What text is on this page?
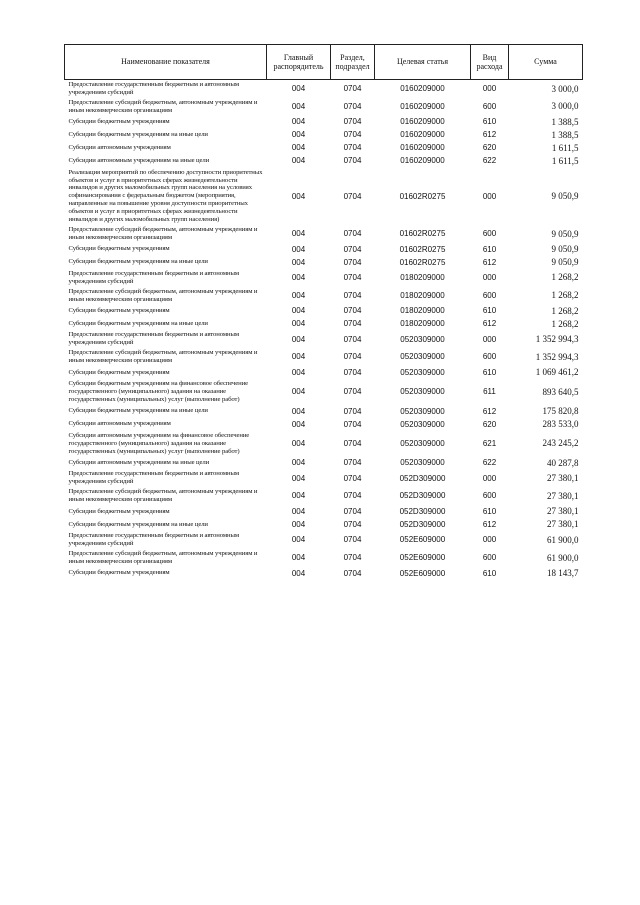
Наименование показателя	Главный распорядитель	Раздел, подраздел	Целевая статья	Вид расхода	Сумма
Предоставление государственным бюджетным и автономным учреждениям субсидий	004	0704	0160209000	000	3 000,0
Предоставление субсидий бюджетным, автономным учреждениям и иным некоммерческим организациям	004	0704	0160209000	600	3 000,0
Субсидии бюджетным учреждениям	004	0704	0160209000	610	1 388,5
Субсидии бюджетным учреждениям на иные цели	004	0704	0160209000	612	1 388,5
Субсидии автономным учреждениям	004	0704	0160209000	620	1 611,5
Субсидии автономным учреждениям на иные цели	004	0704	0160209000	622	1 611,5
Реализация мероприятий по обеспечению доступности приоритетных объектов и услуг в приоритетных сферах жизнедеятельности инвалидов и других маломобильных групп населения на условиях софинансирования с федеральным бюджетом (мероприятия, направленные на повышение уровня доступности приоритетных объектов и услуг в приоритетных сферах жизнедеятельности инвалидов и других маломобильных групп населения)	004	0704	01602R0275	000	9 050,9
Предоставление субсидий бюджетным, автономным учреждениям и иным некоммерческим организациям	004	0704	01602R0275	600	9 050,9
Субсидии бюджетным учреждениям	004	0704	01602R0275	610	9 050,9
Субсидии бюджетным учреждениям на иные цели	004	0704	01602R0275	612	9 050,9
Предоставление государственным бюджетным и автономным учреждениям субсидий	004	0704	0180209000	000	1 268,2
Предоставление субсидий бюджетным, автономным учреждениям и иным некоммерческим организациям	004	0704	0180209000	600	1 268,2
Субсидии бюджетным учреждениям	004	0704	0180209000	610	1 268,2
Субсидии бюджетным учреждениям на иные цели	004	0704	0180209000	612	1 268,2
Предоставление государственным бюджетным и автономным учреждениям субсидий	004	0704	0520309000	000	1 352 994,3
Предоставление субсидий бюджетным, автономным учреждениям и иным некоммерческим организациям	004	0704	0520309000	600	1 352 994,3
Субсидии бюджетным учреждениям	004	0704	0520309000	610	1 069 461,2
Субсидии бюджетным учреждениям на финансовое обеспечение государственного (муниципального) задания на оказание государственных (муниципальных) услуг (выполнение работ)	004	0704	0520309000	611	893 640,5
Субсидии бюджетным учреждениям на иные цели	004	0704	0520309000	612	175 820,8
Субсидии автономным учреждениям	004	0704	0520309000	620	283 533,0
Субсидии автономным учреждениям на финансовое обеспечение государственного (муниципального) задания на оказание государственных (муниципальных) услуг (выполнение работ)	004	0704	0520309000	621	243 245,2
Субсидии автономным учреждениям на иные цели	004	0704	0520309000	622	40 287,8
Предоставление государственным бюджетным и автономным учреждениям субсидий	004	0704	052D309000	000	27 380,1
Предоставление субсидий бюджетным, автономным учреждениям и иным некоммерческим организациям	004	0704	052D309000	600	27 380,1
Субсидии бюджетным учреждениям	004	0704	052D309000	610	27 380,1
Субсидии бюджетным учреждениям на иные цели	004	0704	052D309000	612	27 380,1
Предоставление государственным бюджетным и автономным учреждениям субсидий	004	0704	052E609000	000	61 900,0
Предоставление субсидий бюджетным, автономным учреждениям и иным некоммерческим организациям	004	0704	052E609000	600	61 900,0
Субсидии бюджетным учреждениям	004	0704	052E609000	610	18 143,7
